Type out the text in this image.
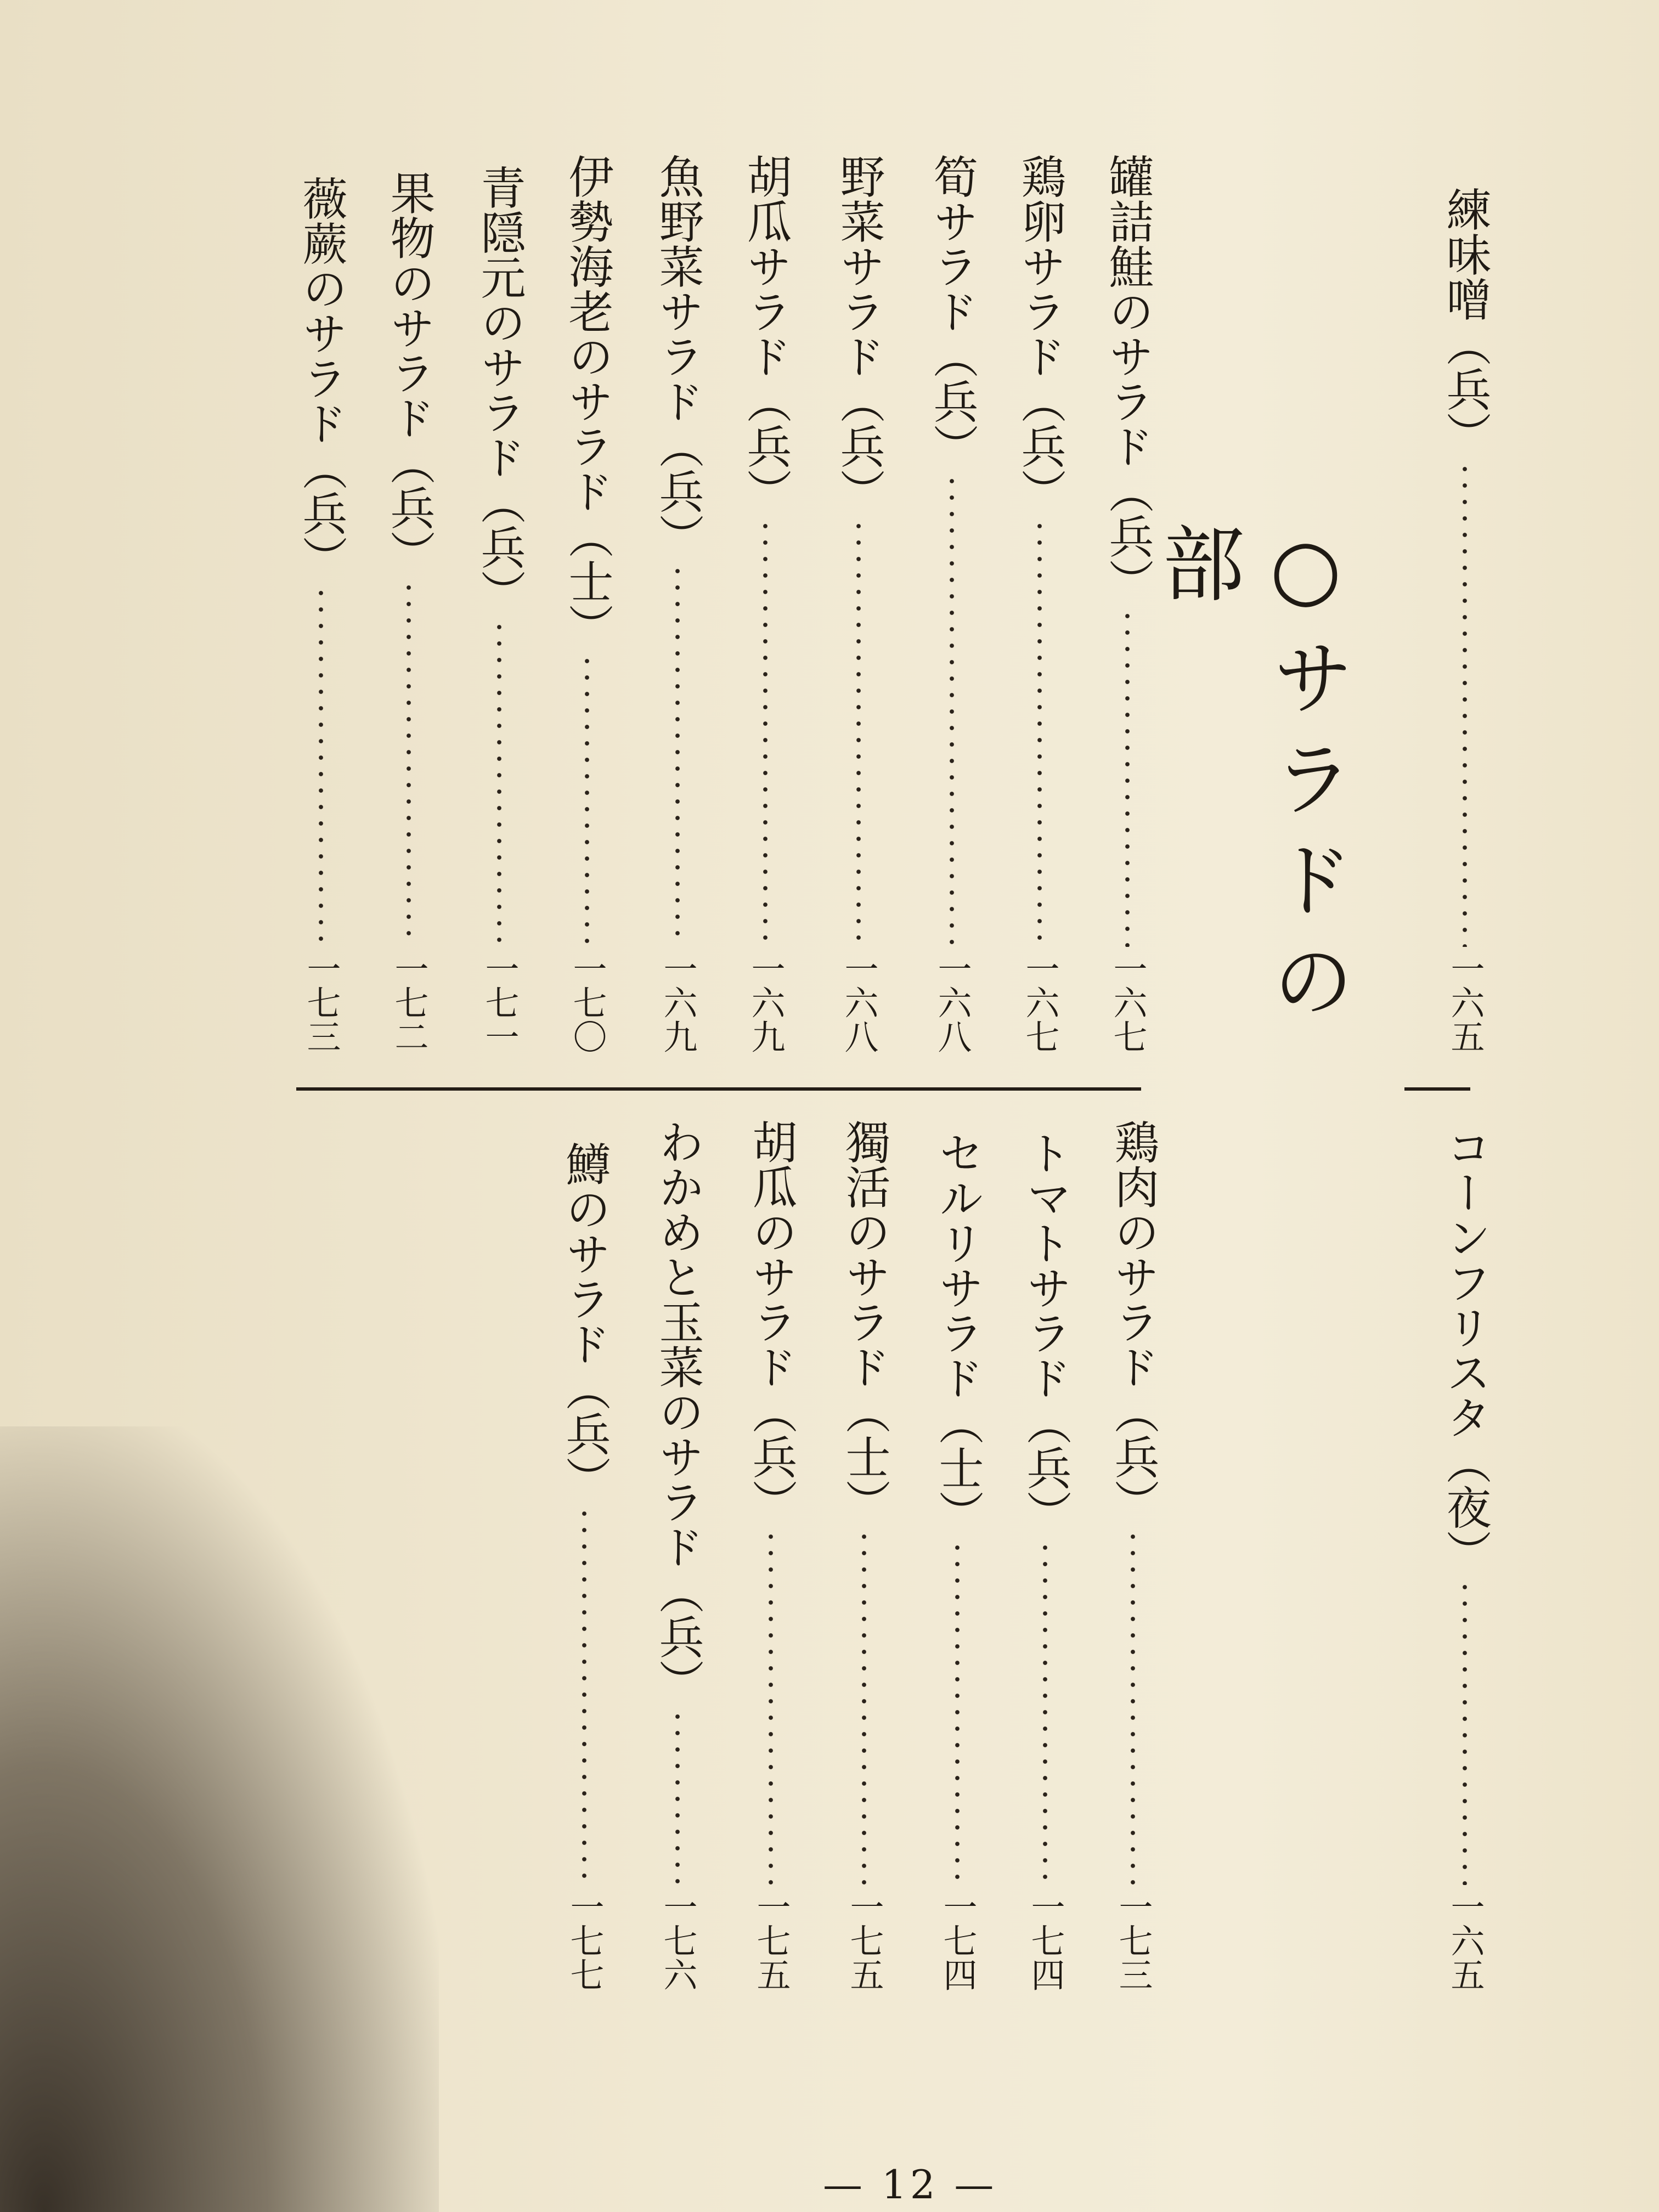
練味噌（兵）
一六五
○サラドの部
罐詰鮭のサラド（兵）
一六七
鶏卵サラド（兵）
一六七
筍サラド（兵）
一六八
野菜サラド（兵）
一六八
胡瓜サラド（兵）
一六九
魚野菜サラド（兵）
一六九
伊勢海老のサラド（士）
一七〇
青隠元のサラド（兵）
一七一
果物のサラド（兵）
一七二
薇蕨のサラド（兵）
一七三
コーンフリスタ（夜）
一六五
鶏肉のサラド（兵）
一七三
トマトサラド（兵）
一七四
セルリサラド（士）
一七四
獨活のサラド（士）
一七五
胡瓜のサラド（兵）
一七五
わかめと玉菜のサラド（兵）
一七六
鱒のサラド（兵）
一七七
— 12 —
